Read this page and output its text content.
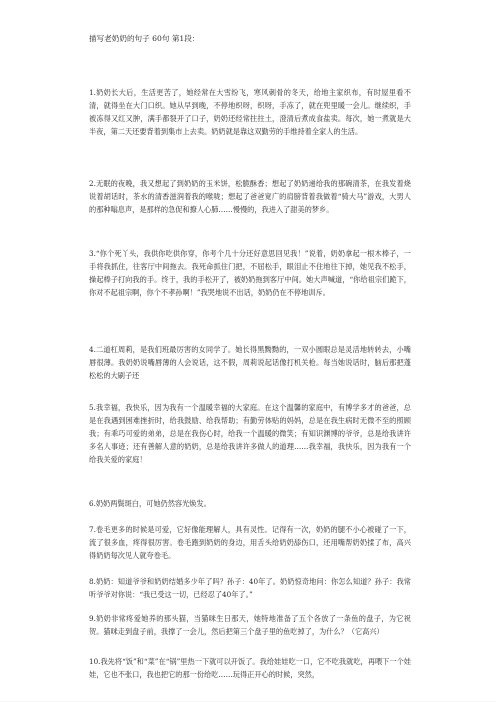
描写老奶奶的句子 60句 第1段：

1.奶奶长大后，生活更苦了，她经常在大雪纷飞，寒风刺骨的冬天，给地主家织布，有时屋里看不清，就得坐在大门口织。她从早到晚，不停地织呀，织呀，手冻了，就在兜里暖一会儿。继续织，手被冻得又红又肿，满手都裂开了口子，奶奶还经常拄拄土，澄清后煮成食盐卖。每次，她一煮就是大半夜，第二天还要背着到集市上去卖。奶奶就是靠这双勤劳的手维持着全家人的生活。

2.无眠的夜晚，我又想起了到奶奶的玉米饼，松脆酥香；想起了奶奶递给我的那碗清茶，在我发着烧说着胡话时，茶水的清香滋润着我的喉咙；想起了爸爸宽广的肩膀背着我做着“骑大马”游戏，大男人的那种嗡息声，是那样的急促和撩人心肺……慢慢的，我进入了甜美的梦乡。

3.“你个死丫头，我供你吃供你穿，你考个几十分还好意思回见我！”说着，奶奶拿起一根木棒子，一手将我抓住，往客厅中间拖去。我死命抓住门把，不屈松手，眼泪止不住地往下掉，她见我不松手，操起棒子打向我的手。终于，我的手松开了，被奶奶拖到客厅中间。她大声喊道，“你给祖宗们跪下，你对不起祖宗啊，你个不孝孙啊！”我哭地说不出话，奶奶仍在不停地训斥。

4.二道杠周莉，是我们班最厉害的女同学了。她长得黑黝黝的，一双小圆眼总是灵活地转转去，小嘴唇很薄。我奶奶说嘴唇薄的人会说话，这不假，周莉说起话像打机关枪。每当她说话时，脑后那把蓬松松的大刷子还

5.我幸福，我快乐，因为我有一个温暖幸福的大家庭。在这个温馨的家庭中，有博学多才的爸爸，总是在我遇到困难挫折时，给我鼓励、给我帮助；有勤劳体贴的妈妈，总是在我生病时无微不至的照顾我；有乖巧可爱的弟弟，总是在我伤心时，给我一个温暖的微笑；有知识渊博的爷爷，总是给我讲许多名人事迹；还有善解人意的奶奶，总是给我讲许多做人的道理……我幸福，我快乐，因为我有一个给我关爱的家庭！

6.奶奶两鬓斑白，可她仍然容光焕发。

7.卷毛更多的时候是可爱，它好像能理解人，具有灵性。记得有一次，奶奶的腿不小心被碰了一下，流了很多血，疼得很厉害。卷毛跑到奶奶的身边，用舌头给奶奶舔伤口，还用嘴帮奶奶揉了布，高兴得奶奶每次见人就夸卷毛。

8.奶奶：知道爷爷和奶奶结婚多少年了吗？孙子：40年了。奶奶惊奇地问：你怎么知道？孙子：我常听爷爷对你说：“我已受这一切，已经忍了40年了。”

9.奶奶非常疼爱她养的那头猫，当猫咪生日那天，她特地准备了五个各放了一条鱼的盘子，为它祝贺。猫咪走到盘子前，我撑了一会儿，然后把第三个盘子里的鱼吃掉了，为什么？（它高兴）

10.我先将“饭”和“菜”在“锅”里热一下就可以开饭了。我给娃娃吃一口，它不吃我就吃，再喂下一个娃娃，它也不张口，我也把它的那一份给吃……玩得正开心的时候，突然，
